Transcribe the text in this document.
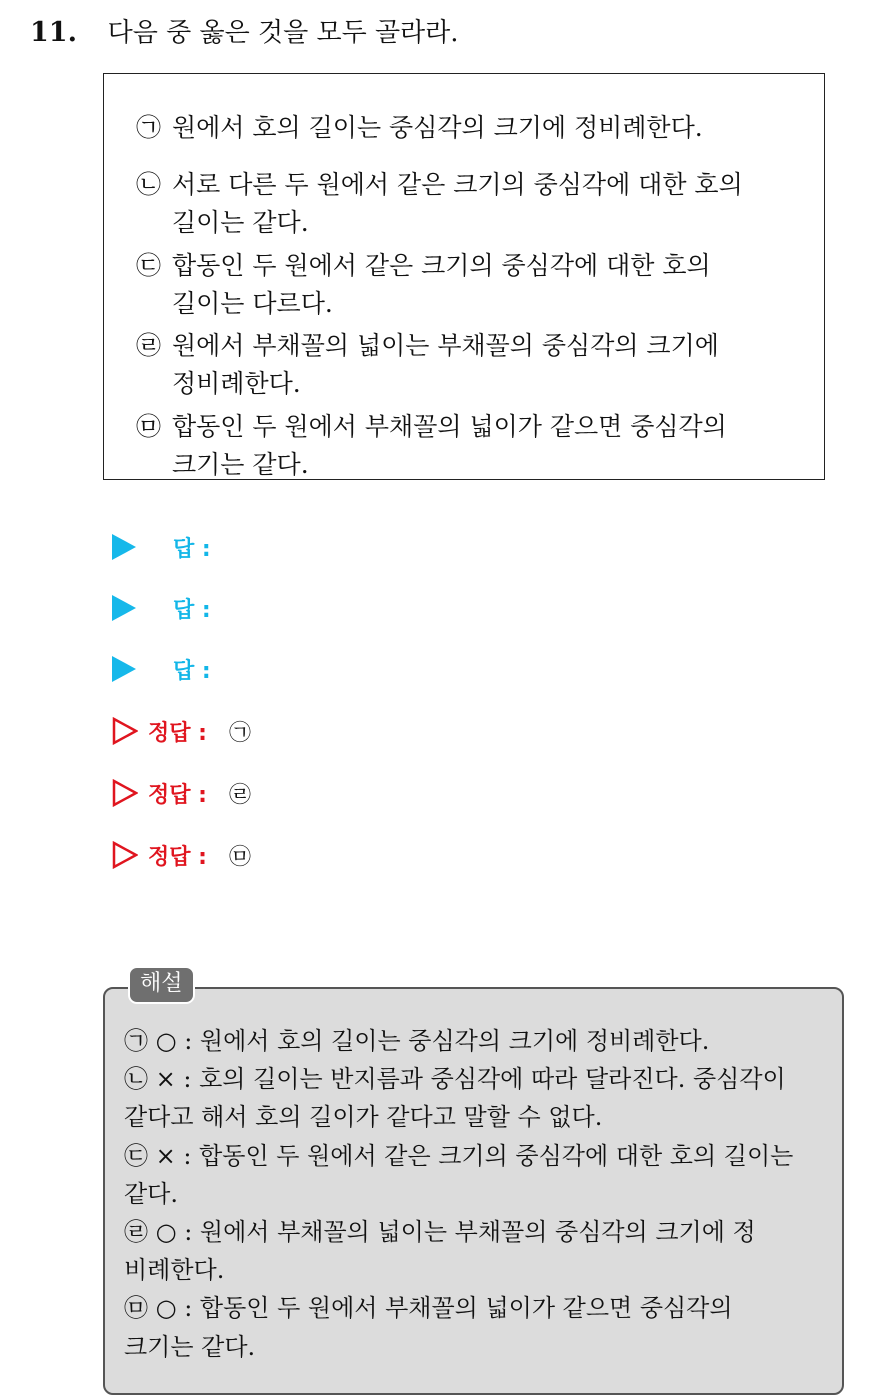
11. 다음 중 옳은 것을 모두 골라라.
㉠ 원에서 호의 길이는 중심각의 크기에 정비례한다.
㉡ 서로 다른 두 원에서 같은 크기의 중심각에 대한 호의
길이는 같다.
㉢ 합동인 두 원에서 같은 크기의 중심각에 대한 호의
길이는 다르다.
㉣ 원에서 부채꼴의 넓이는 부채꼴의 중심각의 크기에
정비례한다.
㉤ 합동인 두 원에서 부채꼴의 넓이가 같으면 중심각의
크기는 같다.
답 :
답 :
답 :
정답 : ㉠
정답 : ㉣
정답 : ㉤
㉠ ○ : 원에서 호의 길이는 중심각의 크기에 정비례한다.
㉡ × : 호의 길이는 반지름과 중심각에 따라 달라진다. 중심각이
같다고 해서 호의 길이가 같다고 말할 수 없다.
㉢ × : 합동인 두 원에서 같은 크기의 중심각에 대한 호의 길이는
같다.
㉣ ○ : 원에서 부채꼴의 넓이는 부채꼴의 중심각의 크기에 정
비례한다.
㉤ ○ : 합동인 두 원에서 부채꼴의 넓이가 같으면 중심각의
크기는 같다.
해설
